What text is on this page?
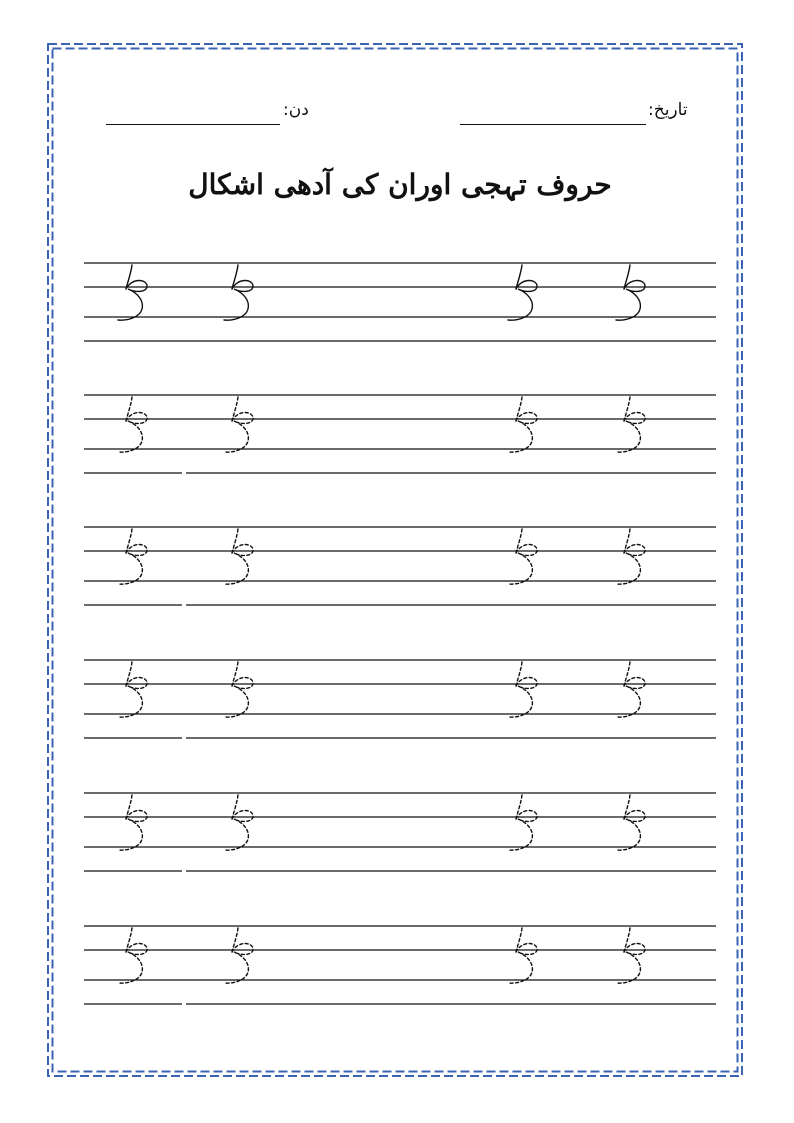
تاریخ:
دن:
حروف تہجی اوران کی آدھی اشکال
